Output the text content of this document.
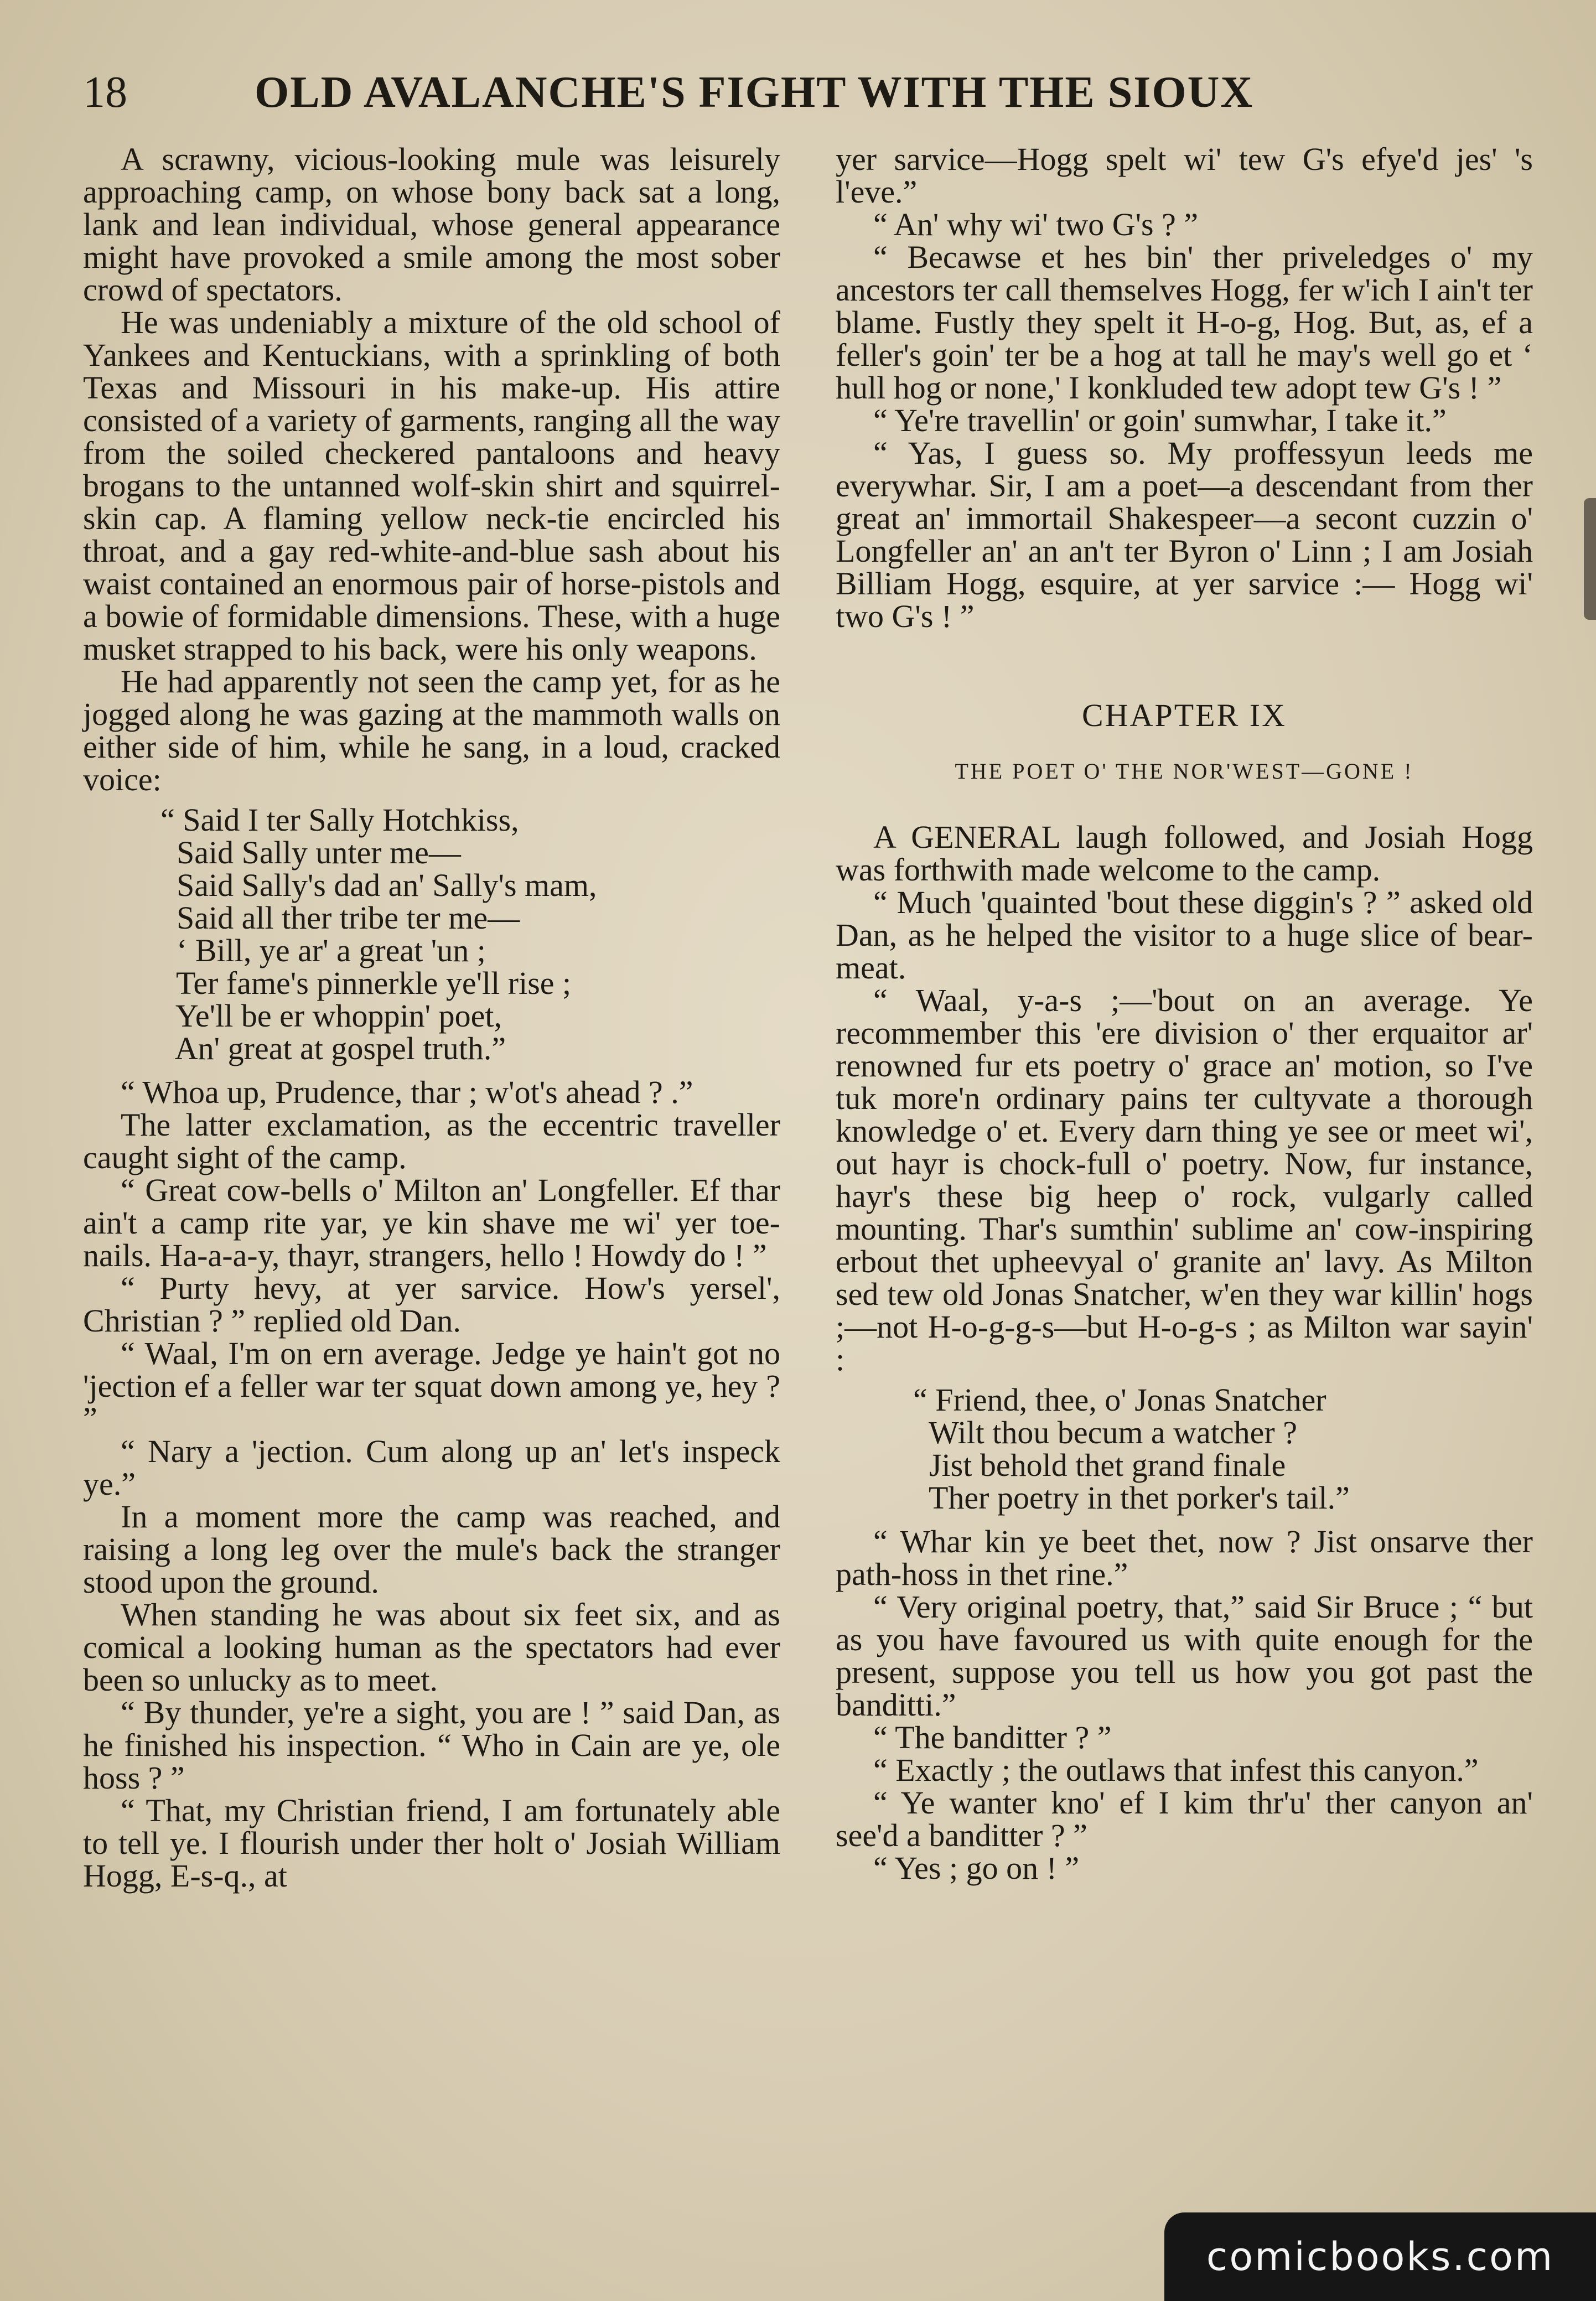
18	OLD AVALANCHE'S FIGHT WITH THE SIOUX

A scrawny, vicious-looking mule was leisurely approaching camp, on whose bony back sat a long, lank and lean individual, whose general appearance might have provoked a smile among the most sober crowd of spectators.

He was undeniably a mixture of the old school of Yankees and Kentuckians, with a sprinkling of both Texas and Missouri in his make-up. His attire consisted of a variety of garments, ranging all the way from the soiled checkered pantaloons and heavy brogans to the untanned wolf-skin shirt and squirrel-skin cap. A flaming yellow neck-tie encircled his throat, and a gay red-white-and-blue sash about his waist contained an enormous pair of horse-pistols and a bowie of formidable dimensions. These, with a huge musket strapped to his back, were his only weapons.

He had apparently not seen the camp yet, for as he jogged along he was gazing at the mammoth walls on either side of him, while he sang, in a loud, cracked voice:

“ Said I ter Sally Hotchkiss,
Said Sally unter me—
Said Sally's dad an' Sally's mam,
Said all ther tribe ter me—
‘ Bill, ye ar' a great 'un ;
Ter fame's pinnerkle ye'll rise ;
Ye'll be er whoppin' poet,
An' great at gospel truth.”

“ Whoa up, Prudence, thar ; w'ot's ahead ? .”

The latter exclamation, as the eccentric traveller caught sight of the camp.

“ Great cow-bells o' Milton an' Longfeller. Ef thar ain't a camp rite yar, ye kin shave me wi' yer toe-nails. Ha-a-a-y, thayr, strangers, hello ! Howdy do ! ”

“ Purty hevy, at yer sarvice. How's yersel', Christian ? ” replied old Dan.

“ Waal, I'm on ern average. Jedge ye hain't got no 'jection ef a feller war ter squat down among ye, hey ? ”

“ Nary a 'jection. Cum along up an' let's inspeck ye.”

In a moment more the camp was reached, and raising a long leg over the mule's back the stranger stood upon the ground.

When standing he was about six feet six, and as comical a looking human as the spectators had ever been so unlucky as to meet.

“ By thunder, ye're a sight, you are ! ” said Dan, as he finished his inspection. “ Who in Cain are ye, ole hoss ? ”

“ That, my Christian friend, I am fortunately able to tell ye. I flourish under ther holt o' Josiah William Hogg, E-s-q., at

yer sarvice—Hogg spelt wi' tew G's efye'd jes' 's l'eve.”

“ An' why wi' two G's ? ”

“ Becawse et hes bin' ther priveledges o' my ancestors ter call themselves Hogg, fer w'ich I ain't ter blame. Fustly they spelt it H-o-g, Hog. But, as, ef a feller's goin' ter be a hog at tall he may's well go et ‘ hull hog or none,' I konkluded tew adopt tew G's ! ”

“ Ye're travellin' or goin' sumwhar, I take it.”

“ Yas, I guess so. My proffessyun leeds me everywhar. Sir, I am a poet—a descendant from ther great an' immortail Shakespeer—a secont cuzzin o' Longfeller an' an an't ter Byron o' Linn ; I am Josiah Billiam Hogg, esquire, at yer sarvice :— Hogg wi' two G's ! ”

CHAPTER IX
THE POET O' THE NOR'WEST—GONE !

A GENERAL laugh followed, and Josiah Hogg was forthwith made welcome to the camp.

“ Much 'quainted 'bout these diggin's ? ” asked old Dan, as he helped the visitor to a huge slice of bear-meat.

“ Waal, y-a-s ;—'bout on an average. Ye recommember this 'ere division o' ther erquaitor ar' renowned fur ets poetry o' grace an' motion, so I've tuk more'n ordinary pains ter cultyvate a thorough knowledge o' et. Every darn thing ye see or meet wi', out hayr is chock-full o' poetry. Now, fur instance, hayr's these big heep o' rock, vulgarly called mounting. Thar's sumthin' sublime an' cow-inspiring erbout thet upheevyal o' granite an' lavy. As Milton sed tew old Jonas Snatcher, w'en they war killin' hogs ;—not H-o-g-g-s—but H-o-g-s ; as Milton war sayin' :

“ Friend, thee, o' Jonas Snatcher
Wilt thou becum a watcher ?
Jist behold thet grand finale
Ther poetry in thet porker's tail.”

“ Whar kin ye beet thet, now ? Jist onsarve ther path-hoss in thet rine.”

“ Very original poetry, that,” said Sir Bruce ; “ but as you have favoured us with quite enough for the present, suppose you tell us how you got past the banditti.”

“ The banditter ? ”

“ Exactly ; the outlaws that infest this canyon.”

“ Ye wanter kno' ef I kim thr'u' ther canyon an' see'd a banditter ? ”

“ Yes ; go on ! ”

comicbooks.com
